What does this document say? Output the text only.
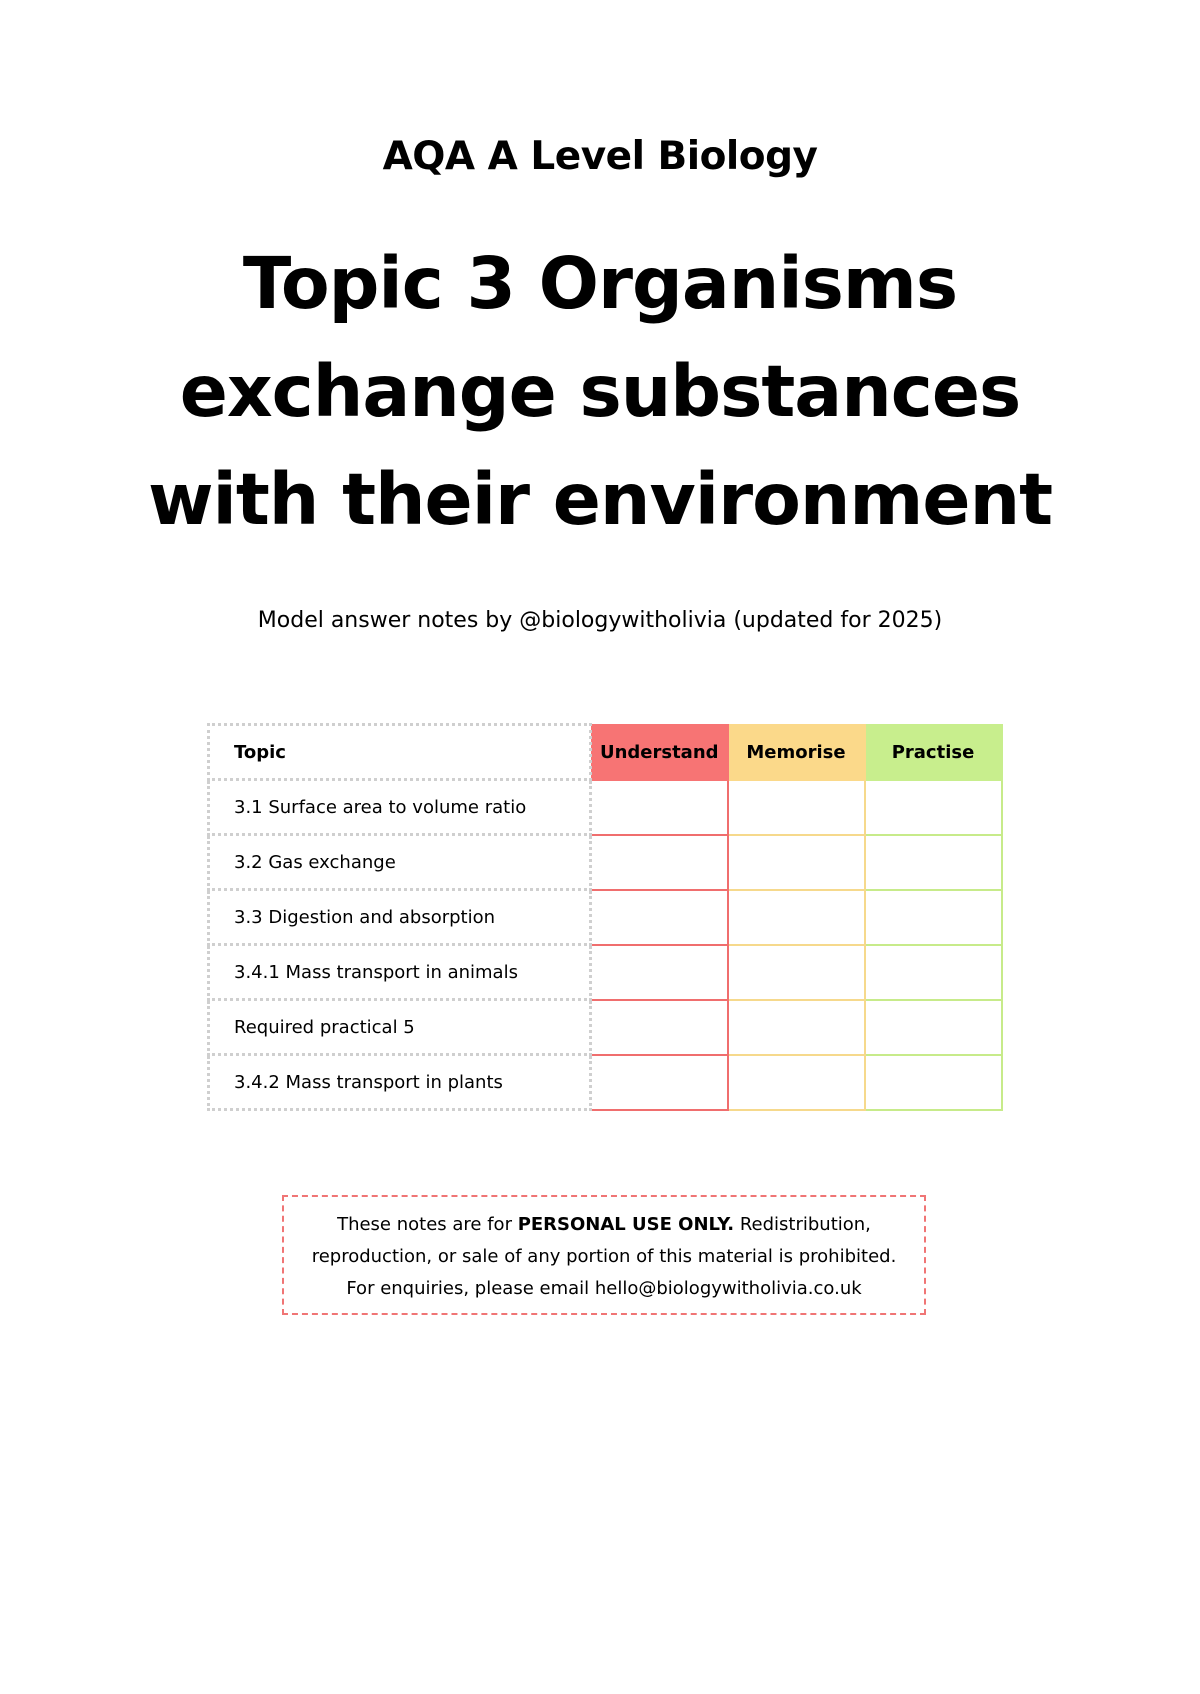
AQA A Level Biology
Topic 3 Organisms
exchange substances
with their environment
Model answer notes by @biologywitholivia (updated for 2025)
Topic	Understand	Memorise	Practise
3.1 Surface area to volume ratio			
3.2 Gas exchange			
3.3 Digestion and absorption			
3.4.1 Mass transport in animals			
Required practical 5			
3.4.2 Mass transport in plants			
These notes are for PERSONAL USE ONLY. Redistribution,
reproduction, or sale of any portion of this material is prohibited.
For enquiries, please email hello@biologywitholivia.co.uk
